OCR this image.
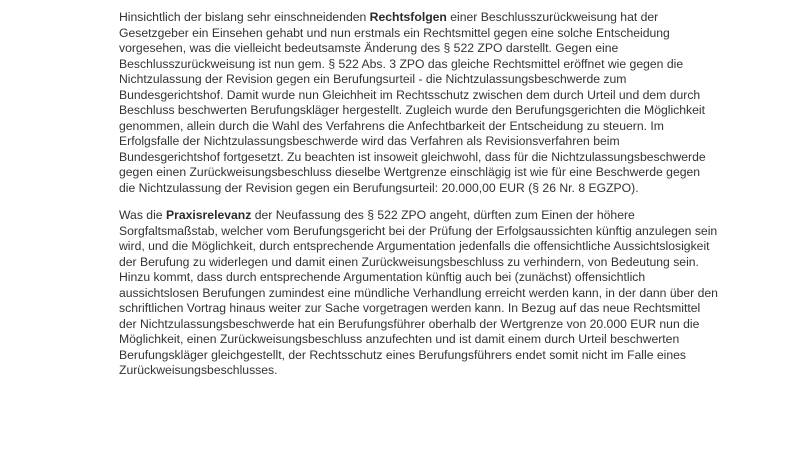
Hinsichtlich der bislang sehr einschneidenden Rechtsfolgen einer Beschlusszurückweisung hat der Gesetzgeber ein Einsehen gehabt und nun erstmals ein Rechtsmittel gegen eine solche Entscheidung vorgesehen, was die vielleicht bedeutsamste Änderung des § 522 ZPO darstellt. Gegen eine Beschlusszurückweisung ist nun gem. § 522 Abs. 3 ZPO das gleiche Rechtsmittel eröffnet wie gegen die Nichtzulassung der Revision gegen ein Berufungsurteil - die Nichtzulassungsbeschwerde zum Bundesgerichtshof. Damit wurde nun Gleichheit im Rechtsschutz zwischen dem durch Urteil und dem durch Beschluss beschwerten Berufungskläger hergestellt. Zugleich wurde den Berufungsgerichten die Möglichkeit genommen, allein durch die Wahl des Verfahrens die Anfechtbarkeit der Entscheidung zu steuern. Im Erfolgsfalle der Nichtzulassungsbeschwerde wird das Verfahren als Revisionsverfahren beim Bundesgerichtshof fortgesetzt. Zu beachten ist insoweit gleichwohl, dass für die Nichtzulassungsbeschwerde gegen einen Zurückweisungsbeschluss dieselbe Wertgrenze einschlägig ist wie für eine Beschwerde gegen die Nichtzulassung der Revision gegen ein Berufungsurteil: 20.000,00 EUR (§ 26 Nr. 8 EGZPO).

Was die Praxisrelevanz der Neufassung des § 522 ZPO angeht, dürften zum Einen der höhere Sorgfaltsmaßstab, welcher vom Berufungsgericht bei der Prüfung der Erfolgsaussichten künftig anzulegen sein wird, und die Möglichkeit, durch entsprechende Argumentation jedenfalls die offensichtliche Aussichtslosigkeit der Berufung zu widerlegen und damit einen Zurückweisungsbeschluss zu verhindern, von Bedeutung sein. Hinzu kommt, dass durch entsprechende Argumentation künftig auch bei (zunächst) offensichtlich aussichtslosen Berufungen zumindest eine mündliche Verhandlung erreicht werden kann, in der dann über den schriftlichen Vortrag hinaus weiter zur Sache vorgetragen werden kann. In Bezug auf das neue Rechtsmittel der Nichtzulassungsbeschwerde hat ein Berufungsführer oberhalb der Wertgrenze von 20.000 EUR nun die Möglichkeit, einen Zurückweisungsbeschluss anzufechten und ist damit einem durch Urteil beschwerten Berufungskläger gleichgestellt, der Rechtsschutz eines Berufungsführers endet somit nicht im Falle eines Zurückweisungsbeschlusses.
